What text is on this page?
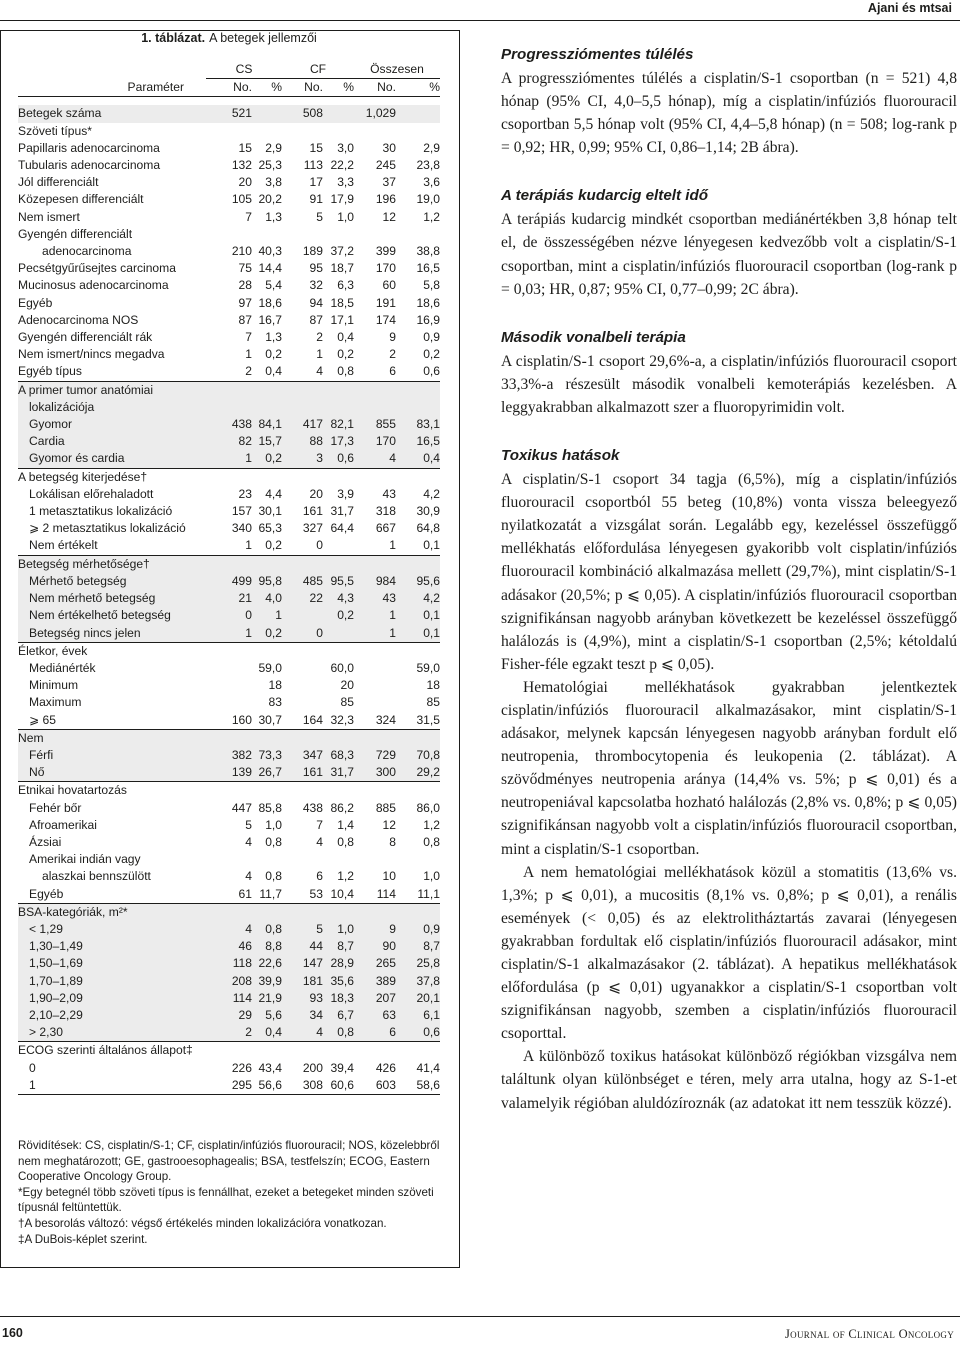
Ajani és mtsai
1. táblázat. A betegek jellemzői
	CS		CF		Összesen	
Paraméter	No.	%	No.	%	No.	%

Betegek száma	521		508		1,029	
Szöveti típus*						
Papillaris adenocarcinoma	15	2,9	15	3,0	30	2,9
Tubularis adenocarcinoma	132	25,3	113	22,2	245	23,8
Jól differenciált	20	3,8	17	3,3	37	3,6
Közepesen differenciált	105	20,2	91	17,9	196	19,0
Nem ismert	7	1,3	5	1,0	12	1,2
Gyengén differenciált						
adenocarcinoma	210	40,3	189	37,2	399	38,8
Pecsétgyűrűsejtes carcinoma	75	14,4	95	18,7	170	16,5
Mucinosus adenocarcinoma	28	5,4	32	6,3	60	5,8
Egyéb	97	18,6	94	18,5	191	18,6
Adenocarcinoma NOS	87	16,7	87	17,1	174	16,9
Gyengén differenciált rák	7	1,3	2	0,4	9	0,9
Nem ismert/nincs megadva	1	0,2	1	0,2	2	0,2
Egyéb típus	2	0,4	4	0,8	6	0,6
A primer tumor anatómiai						
lokalizációja						
Gyomor	438	84,1	417	82,1	855	83,1
Cardia	82	15,7	88	17,3	170	16,5
Gyomor és cardia	1	0,2	3	0,6	4	0,4
A betegség kiterjedése†						
Lokálisan előrehaladott	23	4,4	20	3,9	43	4,2
1 metasztatikus lokalizáció	157	30,1	161	31,7	318	30,9
⩾ 2 metasztatikus lokalizáció	340	65,3	327	64,4	667	64,8
Nem értékelt	1	0,2	0		1	0,1
Betegség mérhetősége†						
Mérhető betegség	499	95,8	485	95,5	984	95,6
Nem mérhető betegség	21	4,0	22	4,3	43	4,2
Nem értékelhető betegség	0	1		0,2	1	0,1
Betegség nincs jelen	1	0,2	0		1	0,1
Életkor, évek						
Mediánérték		59,0		60,0		59,0
Minimum		18		20		18
Maximum		83		85		85
⩾ 65	160	30,7	164	32,3	324	31,5
Nem						
Férfi	382	73,3	347	68,3	729	70,8
Nő	139	26,7	161	31,7	300	29,2
Etnikai hovatartozás						
Fehér bőr	447	85,8	438	86,2	885	86,0
Afroamerikai	5	1,0	7	1,4	12	1,2
Ázsiai	4	0,8	4	0,8	8	0,8
Amerikai indián vagy						
alaszkai bennszülött	4	0,8	6	1,2	10	1,0
Egyéb	61	11,7	53	10,4	114	11,1
BSA-kategóriák, m²*						
< 1,29	4	0,8	5	1,0	9	0,9
1,30–1,49	46	8,8	44	8,7	90	8,7
1,50–1,69	118	22,6	147	28,9	265	25,8
1,70–1,89	208	39,9	181	35,6	389	37,8
1,90–2,09	114	21,9	93	18,3	207	20,1
2,10–2,29	29	5,6	34	6,7	63	6,1
> 2,30	2	0,4	4	0,8	6	0,6
ECOG szerinti általános állapot‡						
0	226	43,4	200	39,4	426	41,4
1	295	56,6	308	60,6	603	58,6

Rövidítések: CS, cisplatin/S-1; CF, cisplatin/infúziós fluorouracil; NOS, közelebbről nem meghatározott; GE, gastrooesophagealis; BSA, testfelszín; ECOG, Eastern Cooperative Oncology Group.

*Egy betegnél több szöveti típus is fennállhat, ezeket a betegeket minden szöveti típusnál feltüntettük.

†A besorolás változó: végső értékelés minden lokalizációra vonatkozan.

‡A DuBois-képlet szerint.

Progressziómentes túlélés

A progressziómentes túlélés a cisplatin/S-1 csoportban (n = 521) 4,8 hónap (95% CI, 4,0–5,5 hónap), míg a cisplatin/infúziós fluorouracil csoportban 5,5 hónap volt (95% CI, 4,4–5,8 hónap) (n = 508; log-rank p = 0,92; HR, 0,99; 95% CI, 0,86–1,14; 2B ábra).

A terápiás kudarcig eltelt idő

A terápiás kudarcig mindkét csoportban mediánértékben 3,8 hónap telt el, de összességében nézve lényegesen kedvezőbb volt a cisplatin/S-1 csoportban, mint a cisplatin/infúziós fluorouracil csoportban (log-rank p = 0,03; HR, 0,87; 95% CI, 0,77–0,99; 2C ábra).

Második vonalbeli terápia

A cisplatin/S-1 csoport 29,6%-a, a cisplatin/infúziós fluorouracil csoport 33,3%-a részesült második vonalbeli kemoterápiás kezelésben. A leggyakrabban alkalmazott szer a fluoropyrimidin volt.

Toxikus hatások

A cisplatin/S-1 csoport 34 tagja (6,5%), míg a cisplatin/infúziós fluorouracil csoportból 55 beteg (10,8%) vonta vissza beleegyező nyilatkozatát a vizsgálat során. Legalább egy, kezeléssel összefüggő mellékhatás előfordulása lényegesen gyakoribb volt cisplatin/infúziós fluorouracil kombináció alkalmazása mellett (29,7%), mint cisplatin/S-1 adásakor (20,5%; p ⩽ 0,05). A cisplatin/infúziós fluorouracil csoportban szignifikánsan nagyobb arányban következett be kezeléssel összefüggő halálozás is (4,9%), mint a cisplatin/S-1 csoportban (2,5%; kétoldalú Fisher-féle egzakt teszt p ⩽ 0,05).

Hematológiai mellékhatások gyakrabban jelentkeztek cisplatin/infúziós fluorouracil alkalmazásakor, mint cisplatin/S-1 adásakor, melynek kapcsán lényegesen nagyobb arányban fordult elő neutropenia, thrombocytopenia és leukopenia (2. táblázat). A szövődményes neutropenia aránya (14,4% vs. 5%; p ⩽ 0,01) és a neutropeniával kapcsolatba hozható halálozás (2,8% vs. 0,8%; p ⩽ 0,05) szignifikánsan nagyobb volt a cisplatin/infúziós fluorouracil csoportban, mint a cisplatin/S-1 csoportban.

A nem hematológiai mellékhatások közül a stomatitis (13,6% vs. 1,3%; p ⩽ 0,01), a mucositis (8,1% vs. 0,8%; p ⩽ 0,01), a renális események (< 0,05) és az elektrolitháztartás zavarai (lényegesen gyakrabban fordultak elő cisplatin/infúziós fluorouracil adásakor, mint cisplatin/S-1 alkalmazásakor (2. táblázat). A hepatikus mellékhatások előfordulása (p ⩽ 0,01) ugyanakkor a cisplatin/S-1 csoportban volt szignifikánsan nagyobb, szemben a cisplatin/infúziós fluorouracil csoporttal.

A különböző toxikus hatásokat különböző régiókban vizsgálva nem találtunk olyan különbséget e téren, mely arra utalna, hogy az S-1-et valamelyik régióban aluldózíroznák (az adatokat itt nem tesszük közzé).

160	Journal of Clinical Oncology
